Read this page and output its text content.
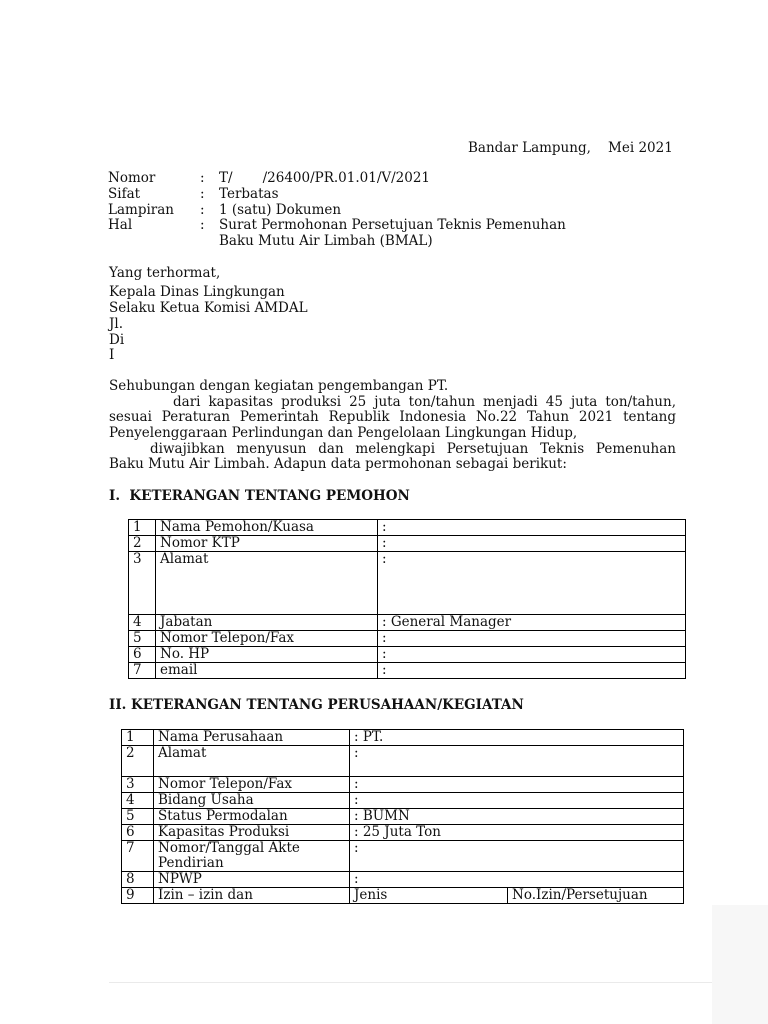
Bandar Lampung,    Mei 2021
Nomor	: T/       /26400/PR.01.01/V/2021
Sifat	: Terbatas
Lampiran : 1 (satu) Dokumen
Hal	: Surat Permohonan Persetujuan Teknis Pemenuhan
Baku Mutu Air Limbah (BMAL)
Yang terhormat,
Kepala Dinas Lingkungan
Selaku Ketua Komisi AMDAL
Jl.
Di
I
Sehubungan dengan kegiatan pengembangan PT.
dari kapasitas produksi 25 juta ton/tahun menjadi 45 juta ton/tahun,
sesuai Peraturan Pemerintah Republik Indonesia No.22 Tahun 2021 tentang
Penyelenggaraan Perlindungan dan Pengelolaan Lingkungan Hidup,
diwajibkan menyusun dan melengkapi Persetujuan Teknis Pemenuhan
Baku Mutu Air Limbah. Adapun data permohonan sebagai berikut:
I.  KETERANGAN TENTANG PEMOHON
1	Nama Pemohon/Kuasa	:
2	Nomor KTP	:
3	Alamat	:
4	Jabatan	: General Manager
5	Nomor Telepon/Fax	:
6	No. HP	:
7	email	:
II. KETERANGAN TENTANG PERUSAHAAN/KEGIATAN
1	Nama Perusahaan	: PT.	
2	Alamat	:	
3	Nomor Telepon/Fax	:	
4	Bidang Usaha	:	
5	Status Permodalan	: BUMN	
6	Kapasitas Produksi	: 25 Juta Ton	
7	Nomor/Tanggal Akte
Pendirian	:	
8	NPWP	:	
9	Izin – izin dan	Jenis	No.Izin/Persetujuan
